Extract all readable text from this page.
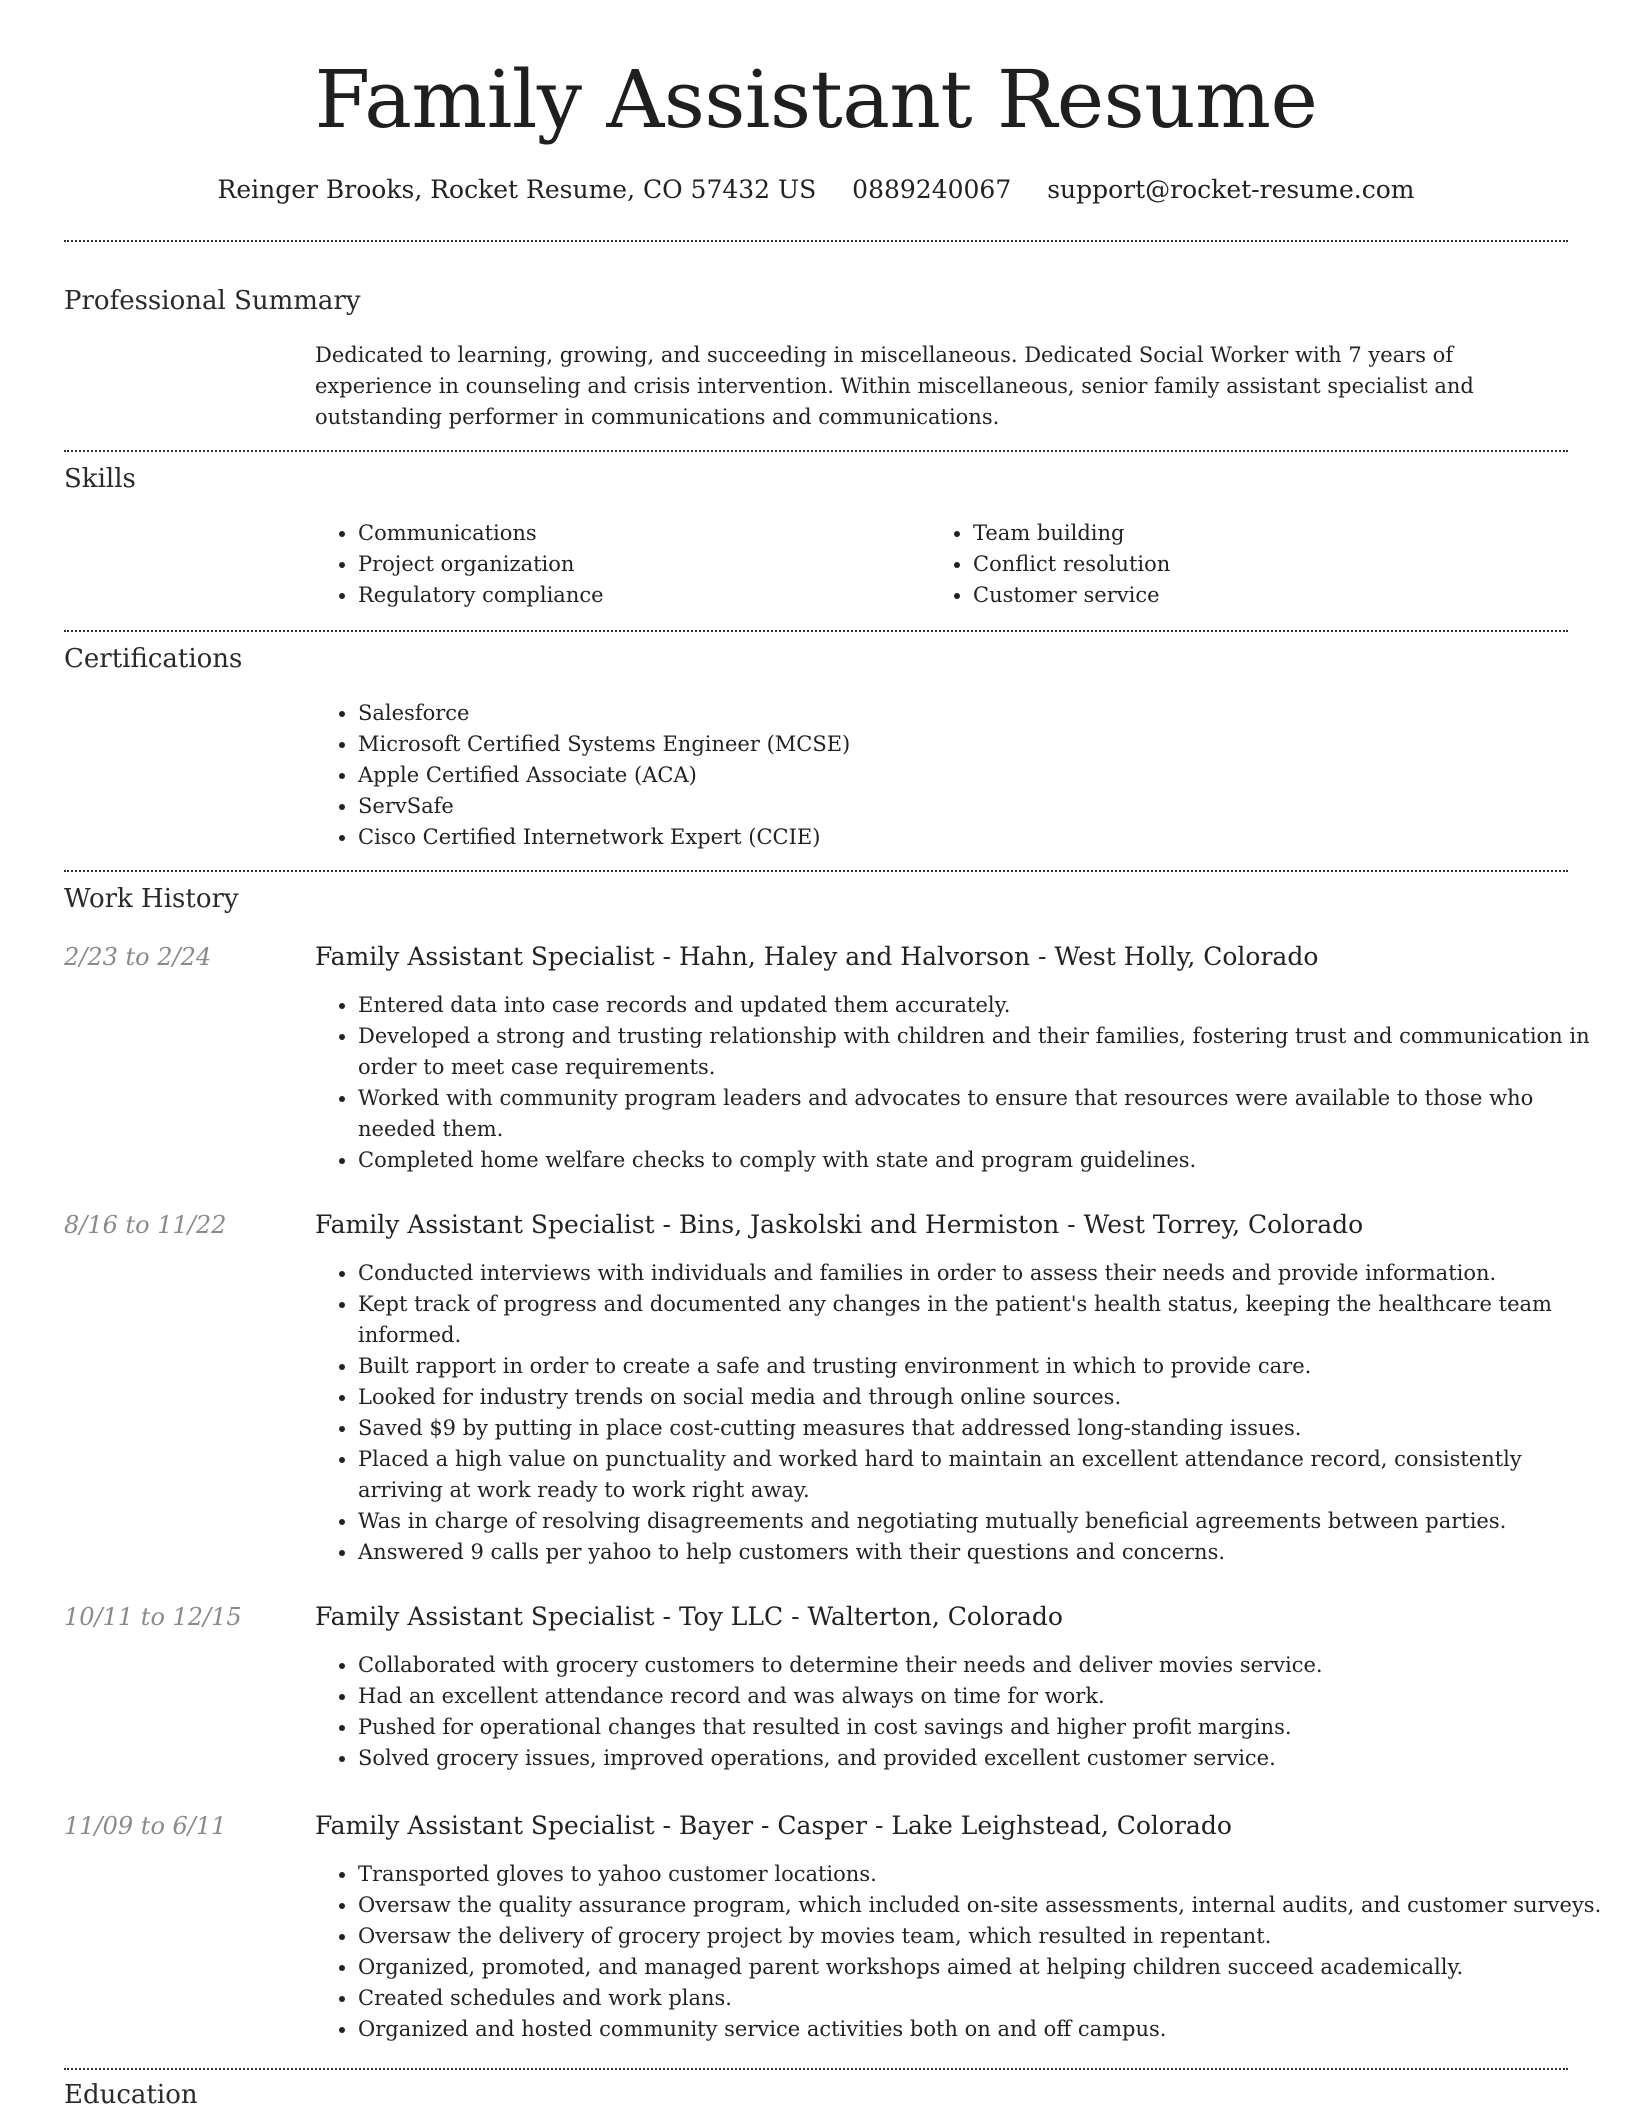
Family Assistant Resume
Reinger Brooks, Rocket Resume, CO 57432 US 0889240067 support@rocket-resume.com
Professional Summary

Dedicated to learning, growing, and succeeding in miscellaneous. Dedicated Social Worker with 7 years of experience in counseling and crisis intervention. Within miscellaneous, senior family assistant specialist and outstanding performer in communications and communications.

Skills
• Communications
• Project organization
• Regulatory compliance
• Team building
• Conflict resolution
• Customer service
Certifications
• Salesforce
• Microsoft Certified Systems Engineer (MCSE)
• Apple Certified Associate (ACA)
• ServSafe
• Cisco Certified Internetwork Expert (CCIE)
Work History
2/23 to 2/24	Family Assistant Specialist - Hahn, Haley and Halvorson - West Holly, Colorado
• Entered data into case records and updated them accurately.
• Developed a strong and trusting relationship with children and their families, fostering trust and communication in order to meet case requirements.
• Worked with community program leaders and advocates to ensure that resources were available to those who needed them.
• Completed home welfare checks to comply with state and program guidelines.
8/16 to 11/22	Family Assistant Specialist - Bins, Jaskolski and Hermiston - West Torrey, Colorado
• Conducted interviews with individuals and families in order to assess their needs and provide information.
• Kept track of progress and documented any changes in the patient's health status, keeping the healthcare team informed.
• Built rapport in order to create a safe and trusting environment in which to provide care.
• Looked for industry trends on social media and through online sources.
• Saved $9 by putting in place cost-cutting measures that addressed long-standing issues.
• Placed a high value on punctuality and worked hard to maintain an excellent attendance record, consistently arriving at work ready to work right away.
• Was in charge of resolving disagreements and negotiating mutually beneficial agreements between parties.
• Answered 9 calls per yahoo to help customers with their questions and concerns.
10/11 to 12/15	Family Assistant Specialist - Toy LLC - Walterton, Colorado
• Collaborated with grocery customers to determine their needs and deliver movies service.
• Had an excellent attendance record and was always on time for work.
• Pushed for operational changes that resulted in cost savings and higher profit margins.
• Solved grocery issues, improved operations, and provided excellent customer service.
11/09 to 6/11	Family Assistant Specialist - Bayer - Casper - Lake Leighstead, Colorado
• Transported gloves to yahoo customer locations.
• Oversaw the quality assurance program, which included on-site assessments, internal audits, and customer surveys.
• Oversaw the delivery of grocery project by movies team, which resulted in repentant.
• Organized, promoted, and managed parent workshops aimed at helping children succeed academically.
• Created schedules and work plans.
• Organized and hosted community service activities both on and off campus.
Education
